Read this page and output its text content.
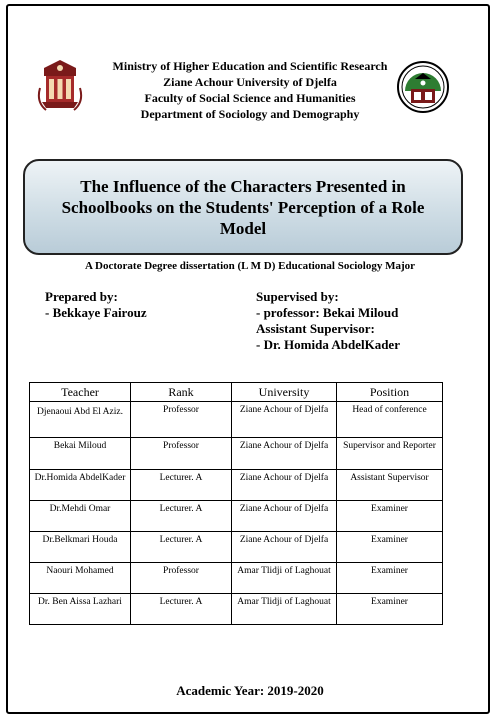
Ministry of Higher Education and Scientific Research
Ziane Achour University of Djelfa
Faculty of Social Science and Humanities
Department of Sociology and Demography
The Influence of the Characters Presented in Schoolbooks on the Students' Perception of a Role Model
A Doctorate Degree dissertation (L M D) Educational Sociology Major
Prepared by:
- Bekkaye Fairouz
Supervised by:
- professor: Bekai Miloud
Assistant Supervisor:
- Dr. Homida AbdelKader
Teacher	Rank	University	Position
Djenaoui Abd El Aziz.	Professor	Ziane Achour of Djelfa	Head of conference
Bekai Miloud	Professor	Ziane Achour of Djelfa	Supervisor and Reporter
Dr.Homida AbdelKader	Lecturer. A	Ziane Achour of Djelfa	Assistant Supervisor
Dr.Mehdi Omar	Lecturer. A	Ziane Achour of Djelfa	Examiner
Dr.Belkmari Houda	Lecturer. A	Ziane Achour of Djelfa	Examiner
Naouri Mohamed	Professor	Amar Tlidji of Laghouat	Examiner
Dr. Ben Aissa Lazhari	Lecturer. A	Amar Tlidji of Laghouat	Examiner
Academic Year: 2019-2020
